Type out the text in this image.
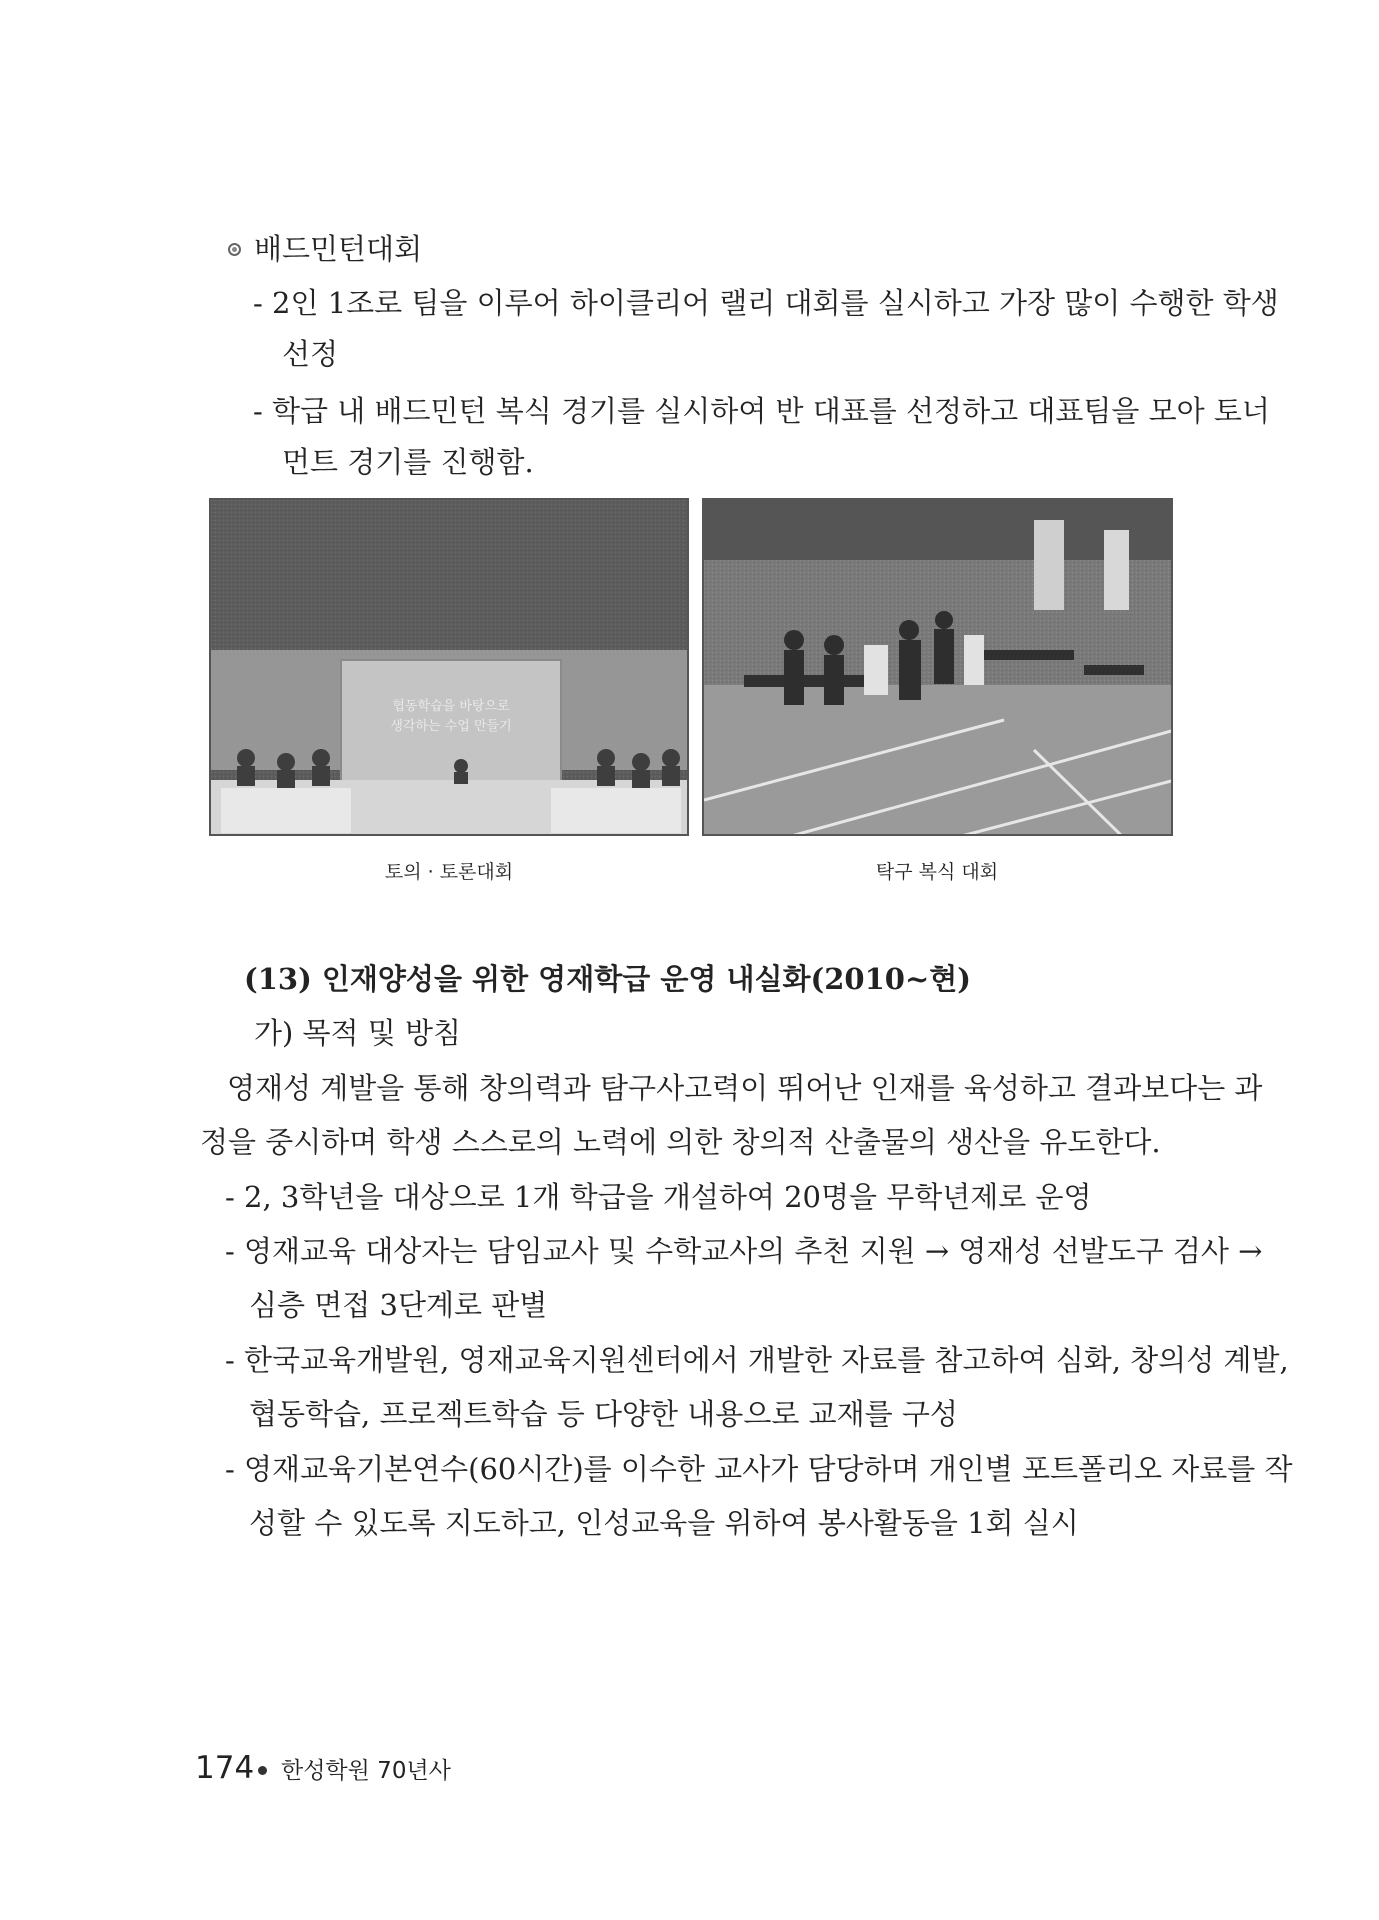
배드민턴대회
- 2인 1조로 팀을 이루어 하이클리어 랠리 대회를 실시하고 가장 많이 수행한 학생
선정
- 학급 내 배드민턴 복식 경기를 실시하여 반 대표를 선정하고 대표팀을 모아 토너
먼트 경기를 진행함.
협동학습을 바탕으로
생각하는 수업 만들기
토의 · 토론대회	탁구 복식 대회
(13) 인재양성을 위한 영재학급 운영 내실화(2010~현)
가) 목적 및 방침
영재성 계발을 통해 창의력과 탐구사고력이 뛰어난 인재를 육성하고 결과보다는 과
정을 중시하며 학생 스스로의 노력에 의한 창의적 산출물의 생산을 유도한다.
- 2, 3학년을 대상으로 1개 학급을 개설하여 20명을 무학년제로 운영
- 영재교육 대상자는 담임교사 및 수학교사의 추천 지원 → 영재성 선발도구 검사 →
심층 면접 3단계로 판별
- 한국교육개발원, 영재교육지원센터에서 개발한 자료를 참고하여 심화, 창의성 계발,
협동학습, 프로젝트학습 등 다양한 내용으로 교재를 구성
- 영재교육기본연수(60시간)를 이수한 교사가 담당하며 개인별 포트폴리오 자료를 작
성할 수 있도록 지도하고, 인성교육을 위하여 봉사활동을 1회 실시
174 한성학원 70년사
